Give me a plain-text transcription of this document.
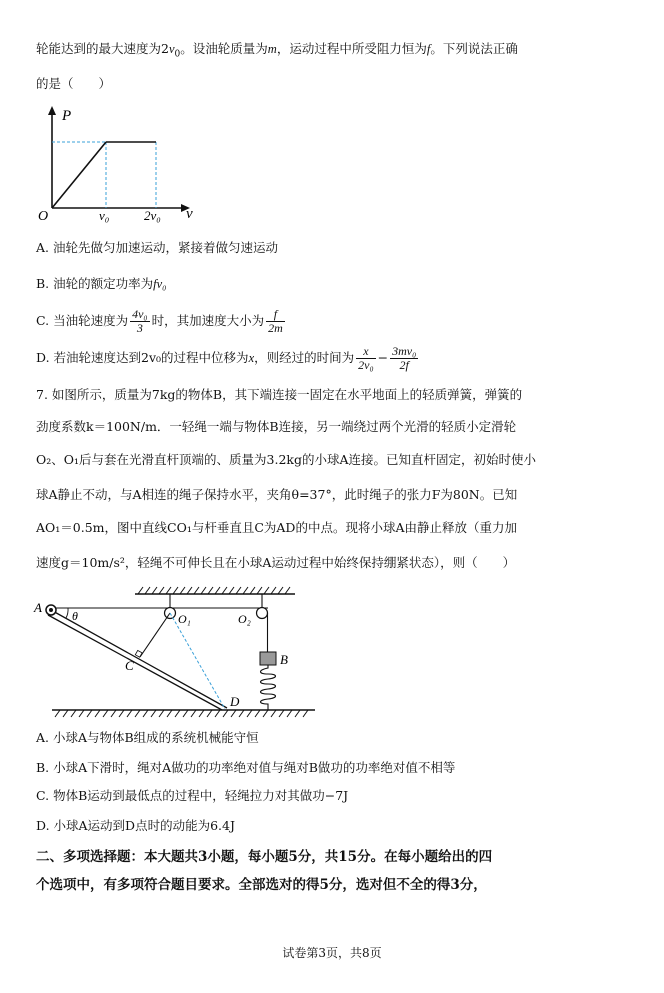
轮能达到的最大速度为$2v_0$。设油轮质量为m，运动过程中所受阻力恒为f。下列说法正确
的是（　　）
P
v
O	v₀	2v₀
A. 油轮先做匀加速运动，紧接着做匀速运动
B. 油轮的额定功率为fv₀
C. 当油轮速度为 $\frac{\text{4v₀}}{3}$ 时，其加速度大小为 $\frac{f}{2m}$
D. 若油轮速度达到2v₀的过程中位移为x，则经过的时间为 $\frac{x}{\text{2v₀}} - \frac{\text{3mv₀}}{2f}$
7. 如图所示，质量为7kg的物体B，其下端连接一固定在水平地面上的轻质弹簧，弹簧的
劲度系数k＝100N/m．一轻绳一端与物体B连接，另一端绕过两个光滑的轻质小定滑轮
O₂、O₁后与套在光滑直杆顶端的、质量为3.2kg的小球A连接。已知直杆固定，初始时使小
球A静止不动，与A相连的绳子保持水平，夹角θ=37°，此时绳子的张力F为80N。已知
AO₁＝0.5m，图中直线CO₁与杆垂直且C为AD的中点。现将小球A由静止释放（重力加
速度g＝10m/s²，轻绳不可伸长且在小球A运动过程中始终保持绷紧状态），则（　　）
A
θ	O₁	O₂
B
C
D
A. 小球A与物体B组成的系统机械能守恒
B. 小球A下滑时，绳对A做功的功率绝对值与绳对B做功的功率绝对值不相等
C. 物体B运动到最低点的过程中，轻绳拉力对其做功−7J
D. 小球A运动到D点时的动能为6.4J
二、多项选择题：本大题共3小题，每小题5分，共15分。在每小题给出的四
个选项中，有多项符合题目要求。全部选对的得5分，选对但不全的得3分，
试卷第3页，共8页
